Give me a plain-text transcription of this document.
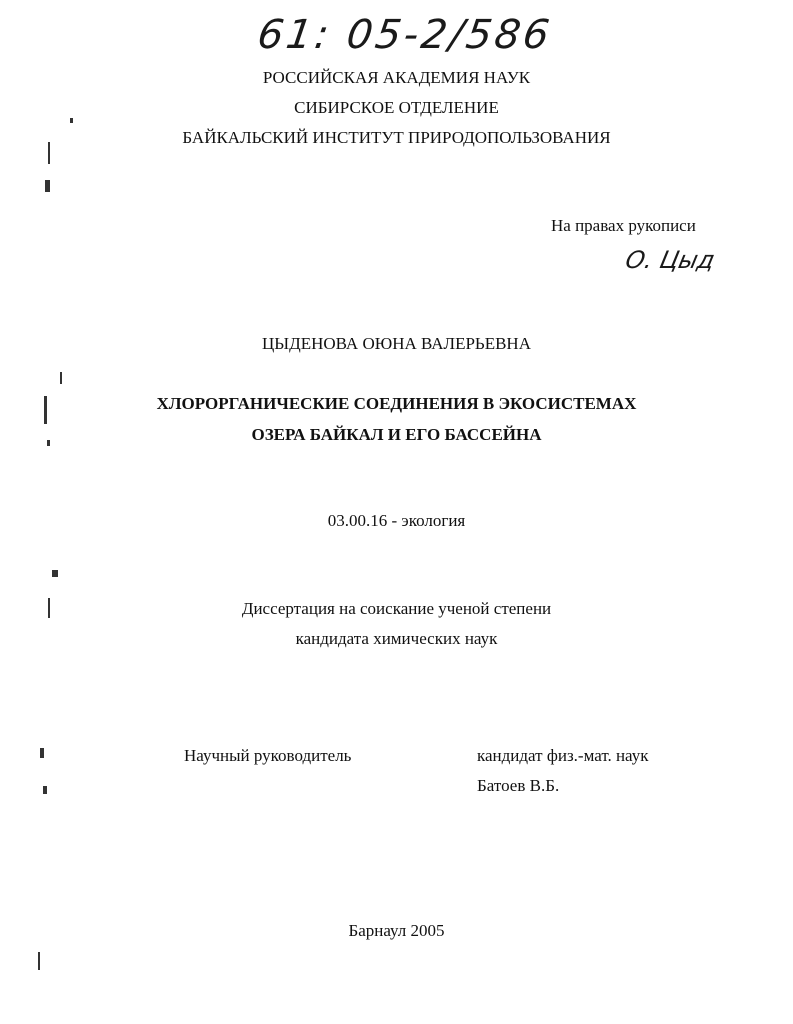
61: 05-2/586
РОССИЙСКАЯ АКАДЕМИЯ НАУК
СИБИРСКОЕ ОТДЕЛЕНИЕ
БАЙКАЛЬСКИЙ ИНСТИТУТ ПРИРОДОПОЛЬЗОВАНИЯ
На правах рукописи
О. Цыд
ЦЫДЕНОВА ОЮНА ВАЛЕРЬЕВНА
ХЛОРОРГАНИЧЕСКИЕ СОЕДИНЕНИЯ В ЭКОСИСТЕМАХ
ОЗЕРА БАЙКАЛ И ЕГО БАССЕЙНА
03.00.16 - экология
Диссертация на соискание ученой степени
кандидата химических наук
Научный руководитель	кандидат физ.-мат. наук
Батоев В.Б.
Барнаул 2005
